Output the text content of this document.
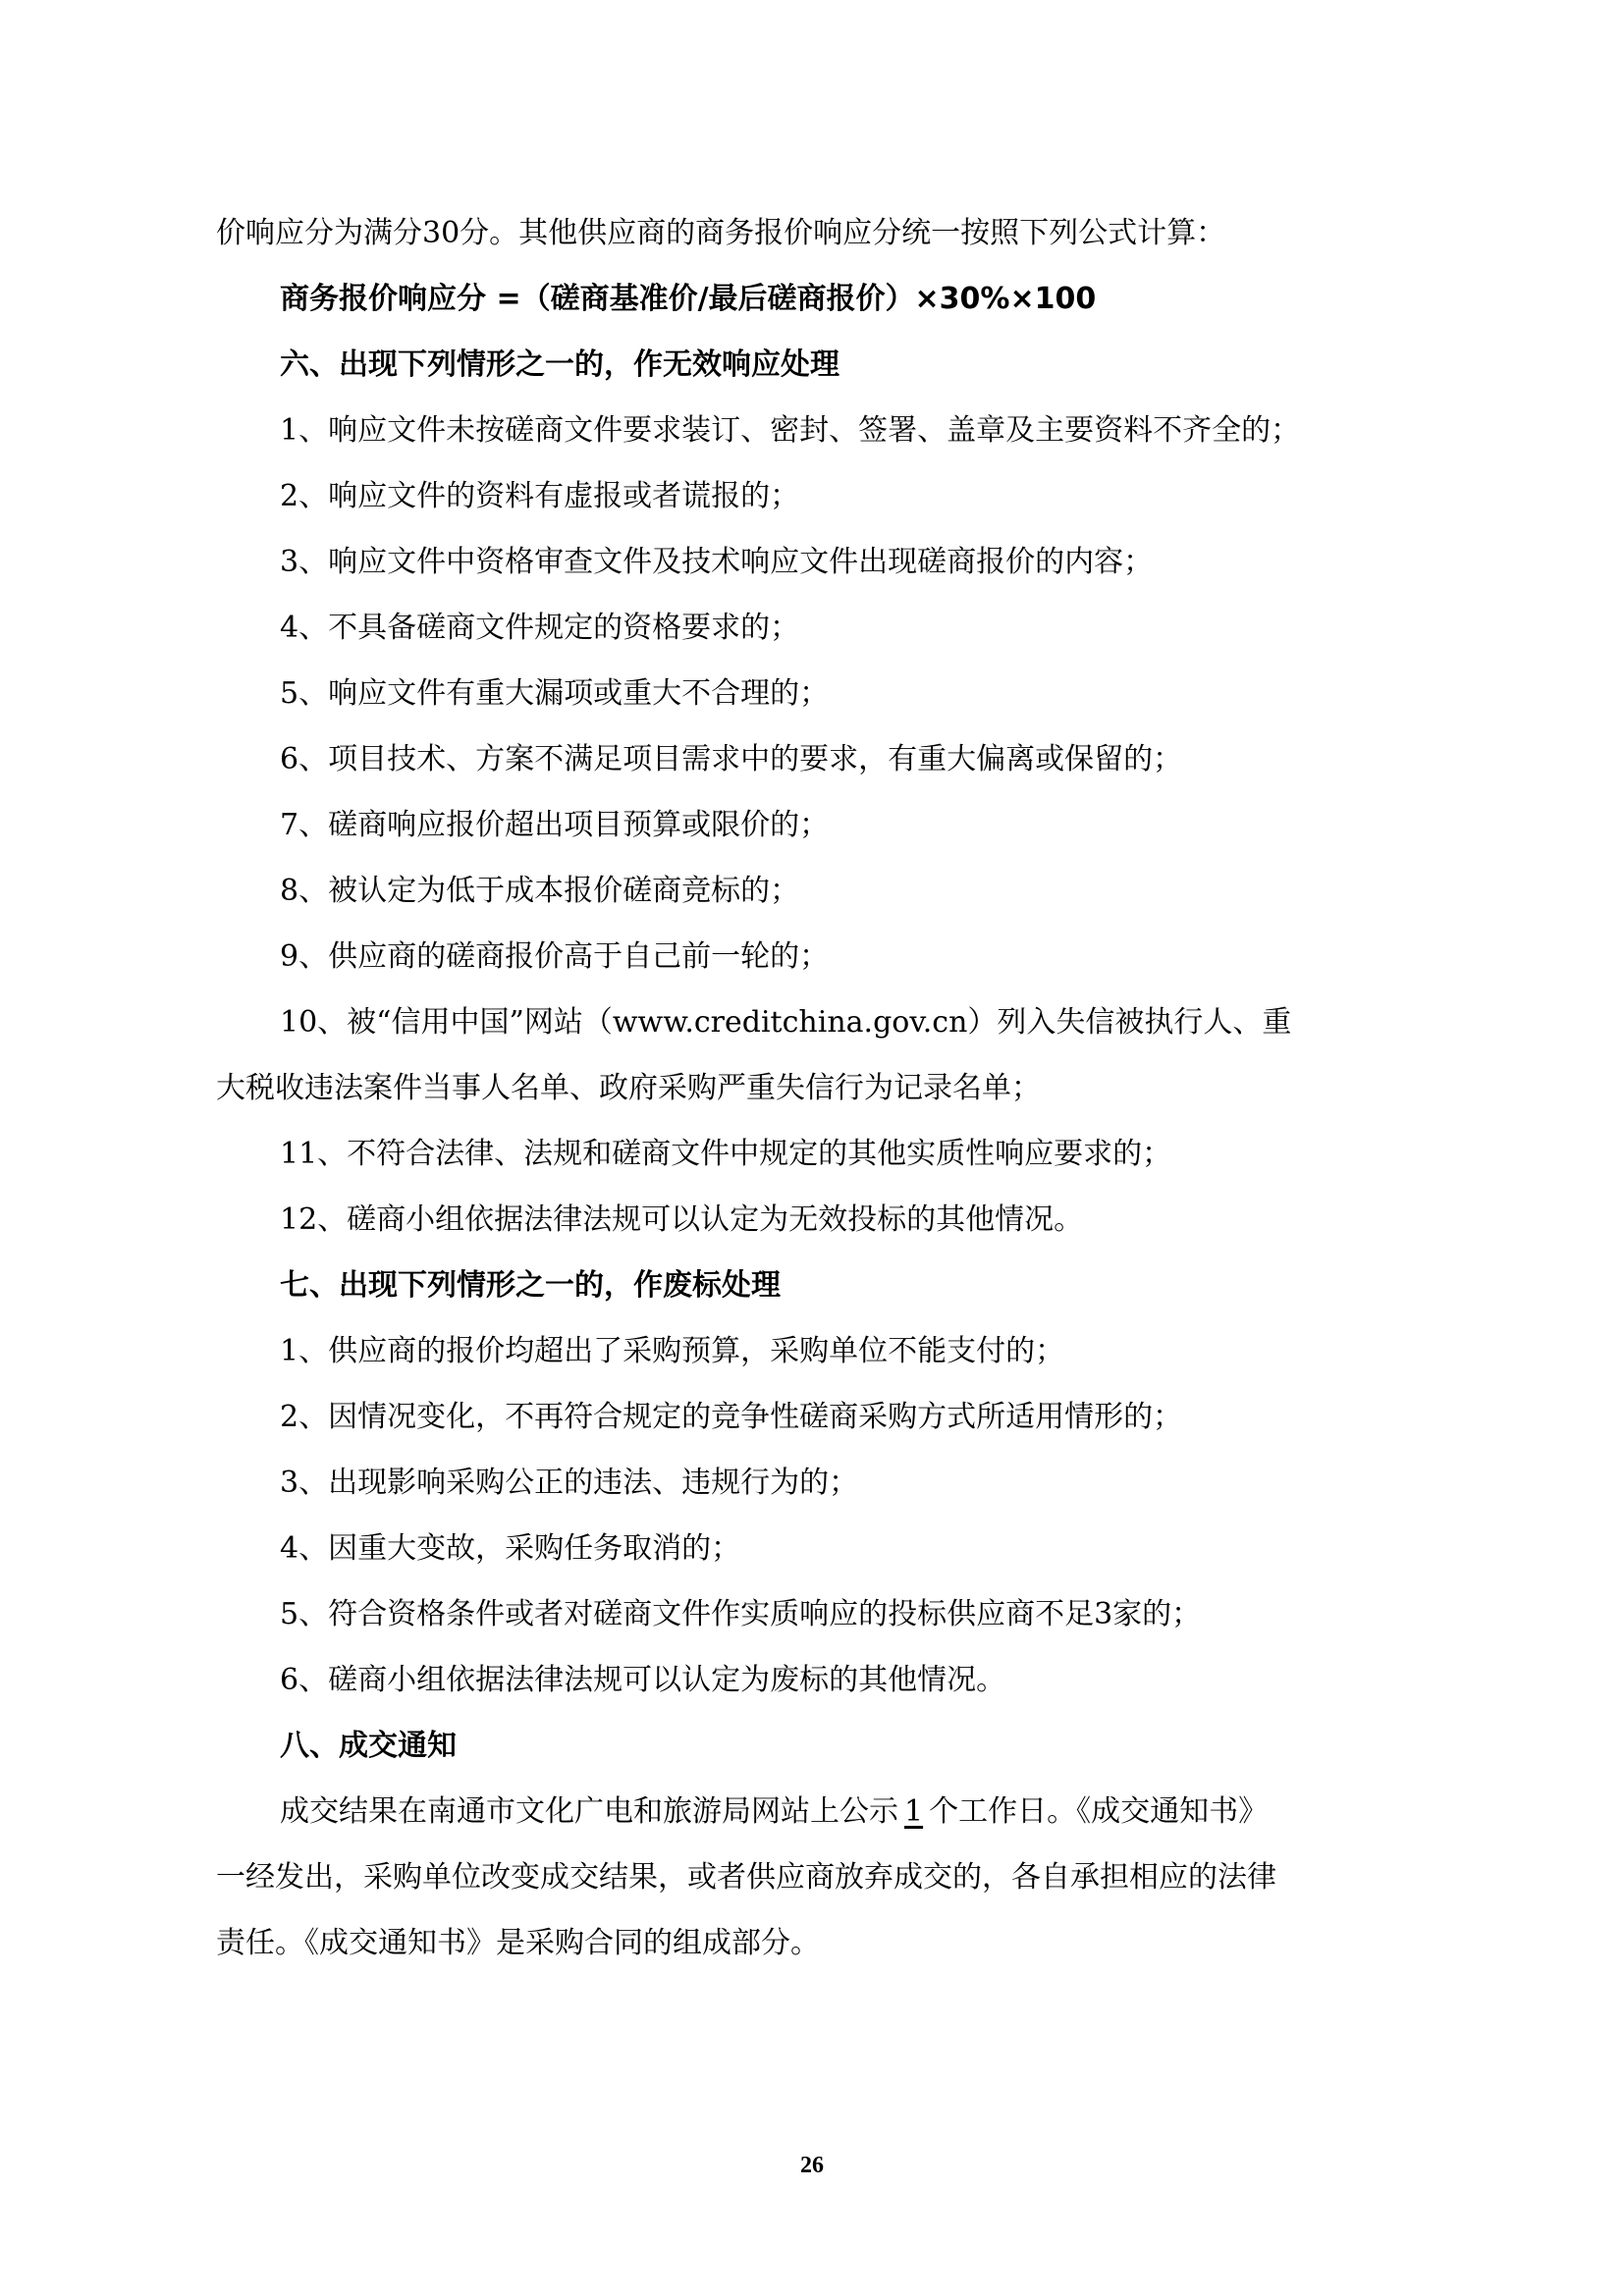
价响应分为满分30分。其他供应商的商务报价响应分统一按照下列公式计算：
商务报价响应分 =（磋商基准价/最后磋商报价）×30%×100
六、出现下列情形之一的，作无效响应处理
1、响应文件未按磋商文件要求装订、密封、签署、盖章及主要资料不齐全的；
2、响应文件的资料有虚报或者谎报的；
3、响应文件中资格审查文件及技术响应文件出现磋商报价的内容；
4、不具备磋商文件规定的资格要求的；
5、响应文件有重大漏项或重大不合理的；
6、项目技术、方案不满足项目需求中的要求，有重大偏离或保留的；
7、磋商响应报价超出项目预算或限价的；
8、被认定为低于成本报价磋商竞标的；
9、供应商的磋商报价高于自己前一轮的；
10、被“信用中国”网站（www.creditchina.gov.cn）列入失信被执行人、重
大税收违法案件当事人名单、政府采购严重失信行为记录名单；
11、不符合法律、法规和磋商文件中规定的其他实质性响应要求的；
12、磋商小组依据法律法规可以认定为无效投标的其他情况。
七、出现下列情形之一的，作废标处理
1、供应商的报价均超出了采购预算，采购单位不能支付的；
2、因情况变化，不再符合规定的竞争性磋商采购方式所适用情形的；
3、出现影响采购公正的违法、违规行为的；
4、因重大变故，采购任务取消的；
5、符合资格条件或者对磋商文件作实质响应的投标供应商不足3家的；
6、磋商小组依据法律法规可以认定为废标的其他情况。
八、成交通知
成交结果在南通市文化广电和旅游局网站上公示 1 个工作日。《成交通知书》
一经发出，采购单位改变成交结果，或者供应商放弃成交的，各自承担相应的法律
责任。《成交通知书》是采购合同的组成部分。
26
